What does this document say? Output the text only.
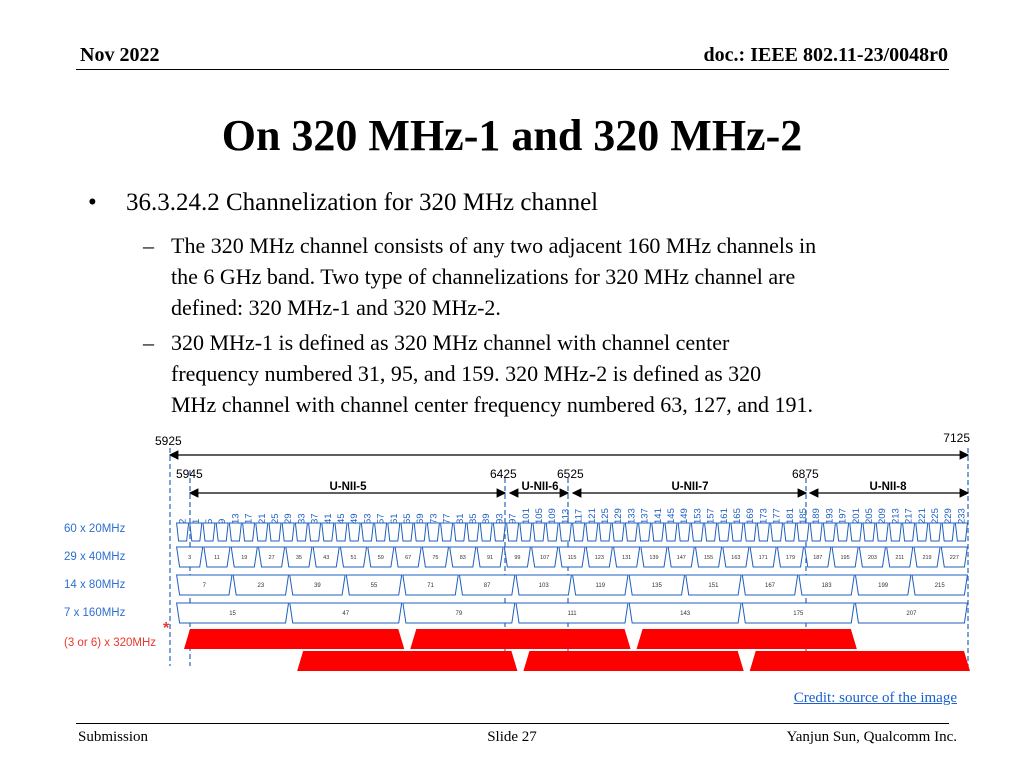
Nov 2022	doc.: IEEE 802.11-23/0048r0
On 320 MHz-1 and 320 MHz-2
• 36.3.24.2 Channelization for 320 MHz channel
– The 320 MHz channel consists of any two adjacent 160 MHz channels in
the 6 GHz band. Two type of channelizations for 320 MHz channel are
defined: 320 MHz-1 and 320 MHz-2.
– 320 MHz-1 is defined as 320 MHz channel with channel center
frequency numbered 31, 95, and 159. 320 MHz-2 is defined as 320
MHz channel with channel center frequency numbered 63, 127, and 191.
5925	7125
5945	6425	6525	6875
U-NII-5	U-NII-6	U-NII-7	U-NII-8
60 x 20MHz
29 x 40MHz
14 x 80MHz
7 x 160MHz
(3 or 6) x 320MHz
*
2 1 5 9 13 17 21 25 29 33 37 41 45 49 53 57 61 65 69 73 77 81 85 89 93 97 101 105 109 113 117 121 125 129 133 137 141 145 149 153 157 161 165 169 173 177 181 185 189 193 197 201 205 209 213 217 221 225 229 233
3	11	19	27	35	43	51	59	67	75	83	91	99	107	115	123	131	139	147	155	163	171	179	187	195	203	211	219	227
7	23	39	55	71	87	103	119	135	151	167	183	199	215
15	47	79	111	143	175	207
Credit: source of the image
Submission	Slide 27	Yanjun Sun, Qualcomm Inc.
